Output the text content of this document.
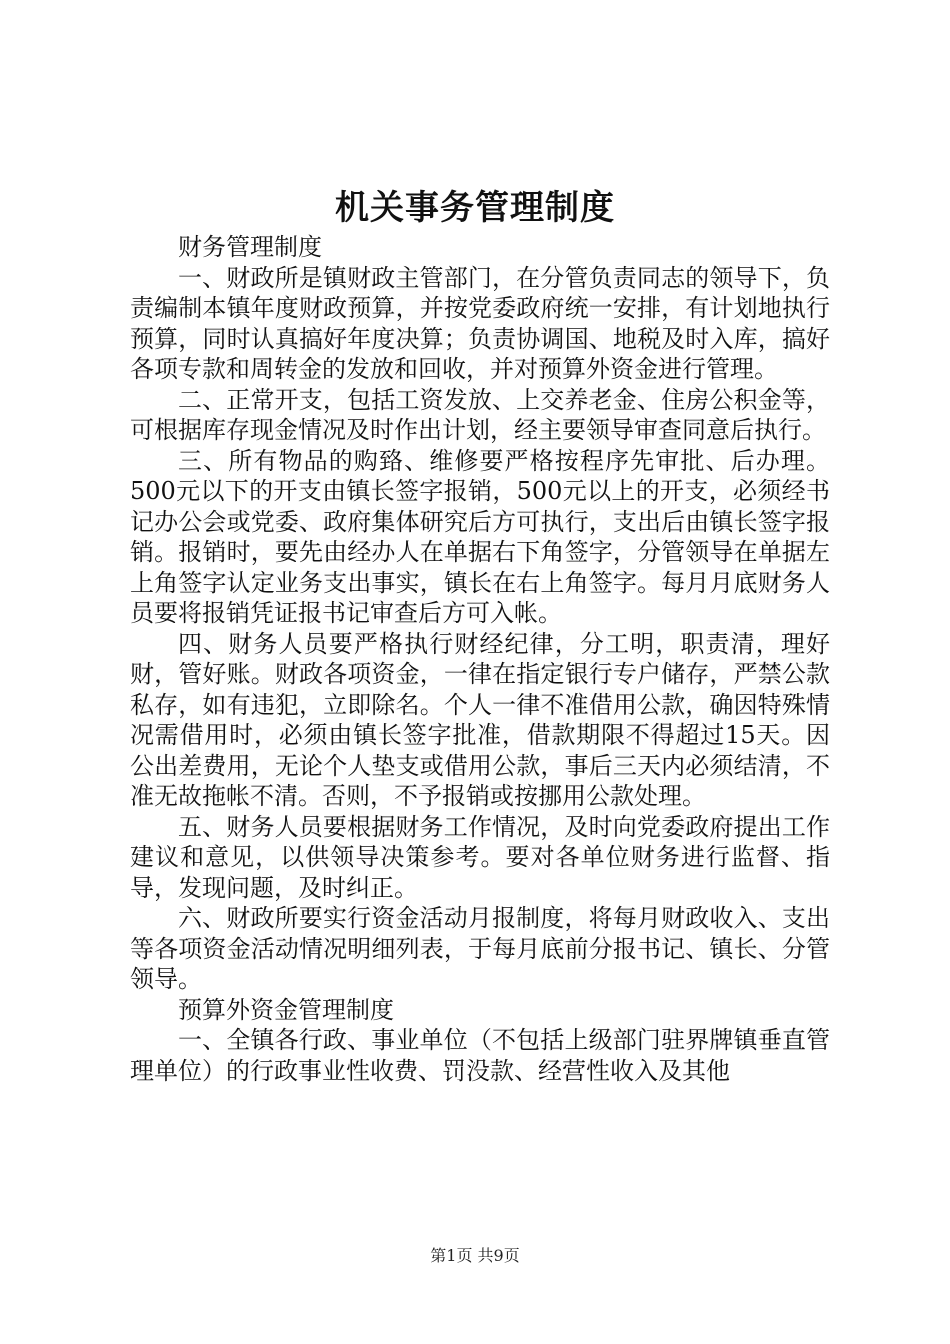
机关事务管理制度

财务管理制度

一、财政所是镇财政主管部门，在分管负责同志的领导下，负责编制本镇年度财政预算，并按党委政府统一安排，有计划地执行预算，同时认真搞好年度决算；负责协调国、地税及时入库，搞好各项专款和周转金的发放和回收，并对预算外资金进行管理。

二、正常开支，包括工资发放、上交养老金、住房公积金等，可根据库存现金情况及时作出计划，经主要领导审查同意后执行。

三、所有物品的购臵、维修要严格按程序先审批、后办理。500元以下的开支由镇长签字报销，500元以上的开支，必须经书记办公会或党委、政府集体研究后方可执行，支出后由镇长签字报销。报销时，要先由经办人在单据右下角签字，分管领导在单据左上角签字认定业务支出事实，镇长在右上角签字。每月月底财务人员要将报销凭证报书记审查后方可入帐。

四、财务人员要严格执行财经纪律，分工明，职责清，理好财，管好账。财政各项资金，一律在指定银行专户储存，严禁公款私存，如有违犯，立即除名。个人一律不准借用公款，确因特殊情况需借用时，必须由镇长签字批准，借款期限不得超过15天。因公出差费用，无论个人垫支或借用公款，事后三天内必须结清，不准无故拖帐不清。否则，不予报销或按挪用公款处理。

五、财务人员要根据财务工作情况，及时向党委政府提出工作建议和意见，以供领导决策参考。要对各单位财务进行监督、指导，发现问题，及时纠正。

六、财政所要实行资金活动月报制度，将每月财政收入、支出等各项资金活动情况明细列表，于每月底前分报书记、镇长、分管领导。

预算外资金管理制度

一、全镇各行政、事业单位（不包括上级部门驻界牌镇垂直管理单位）的行政事业性收费、罚没款、经营性收入及其他

第1页 共9页
